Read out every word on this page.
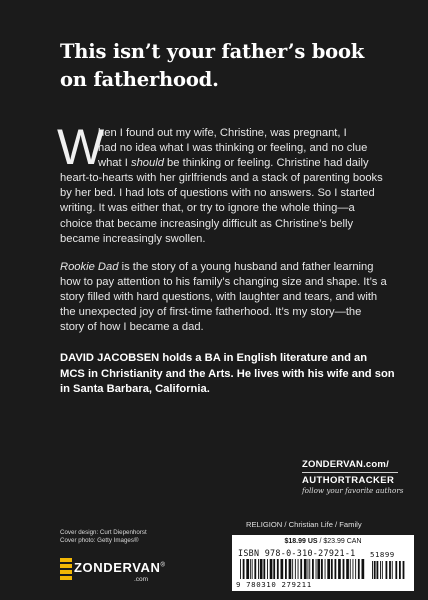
This isn’t your father’s book
on fatherhood.
W
hen I found out my wife, Christine, was pregnant, I
had no idea what I was thinking or feeling, and no clue
what I should be thinking or feeling. Christine had daily
heart-to-hearts with her girlfriends and a stack of parenting books
by her bed. I had lots of questions with no answers. So I started
writing. It was either that, or try to ignore the whole thing—a
choice that became increasingly difficult as Christine’s belly
became increasingly swollen.
Rookie Dad is the story of a young husband and father learning
how to pay attention to his family’s changing size and shape. It’s a
story filled with hard questions, with laughter and tears, and with
the unexpected joy of first-time fatherhood. It’s my story—the
story of how I became a dad.
DAVID JACOBSEN holds a BA in English literature and an
MCS in Christianity and the Arts. He lives with his wife and son
in Santa Barbara, California.
ZONDERVAN.com/
AUTHORTRACKER
follow your favorite authors
RELIGION / Christian Life / Family
$18.99 US / $23.99 CAN
ISBN 978-0-310-27921-1
9 780310 279211
51899
Cover design: Curt Diepenhorst
Cover photo: Getty Images®
ZONDERVAN®
.com
